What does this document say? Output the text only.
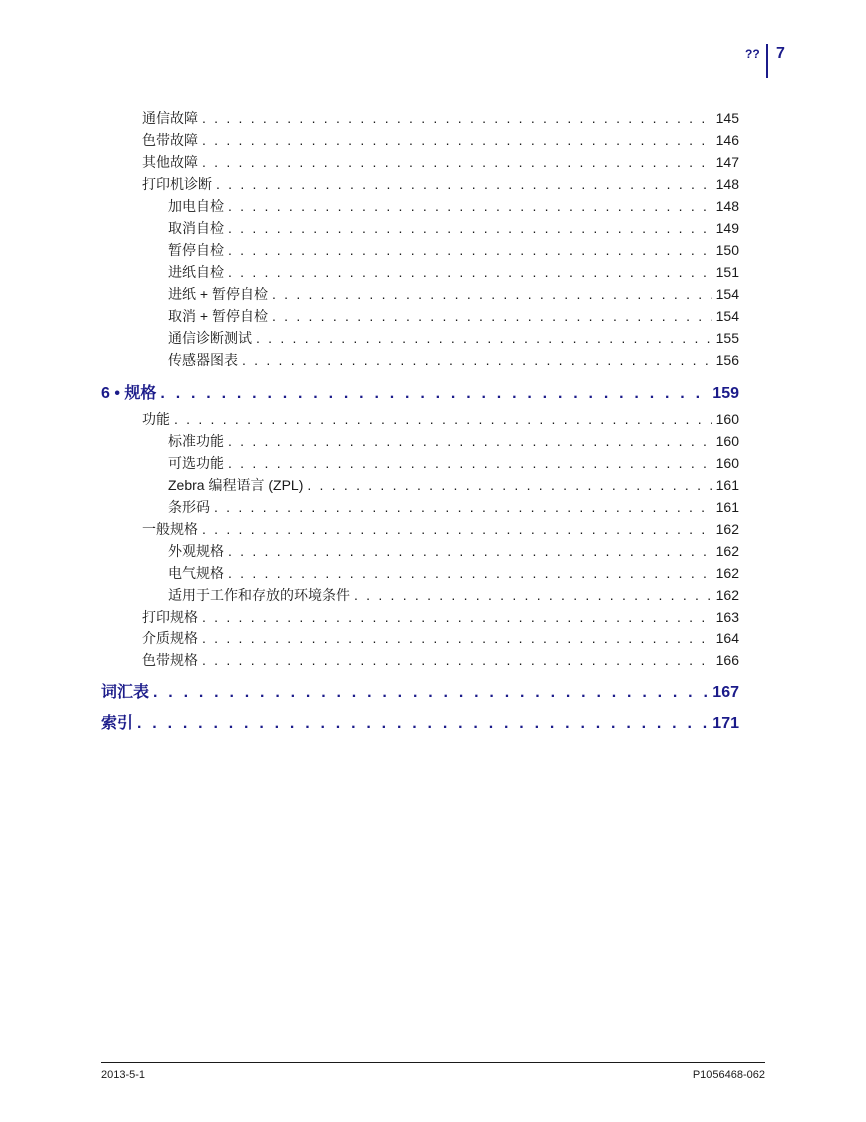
?? 7
通信故障 . . .	145
色带故障 . . .	146
其他故障 . . .	147
打印机诊断 . . .	148
加电自检 . . .	148
取消自检 . . .	149
暂停自检 . . .	150
进纸自检 . . .	151
进纸 + 暂停自检 . . .	154
取消 + 暂停自检 . . .	154
通信诊断测试 . . .	155
传感器图表 . . .	156
6 • 规格 . . .	159
功能 . . .	160
标准功能 . . .	160
可选功能 . . .	160
Zebra 编程语言 (ZPL) . . .	161
条形码 . . .	161
一般规格 . . .	162
外观规格 . . .	162
电气规格 . . .	162
适用于工作和存放的环境条件 . . .	162
打印规格 . . .	163
介质规格 . . .	164
色带规格 . . .	166
词汇表 . . .	167
索引 . . .	171
2013-5-1	P1056468-062
